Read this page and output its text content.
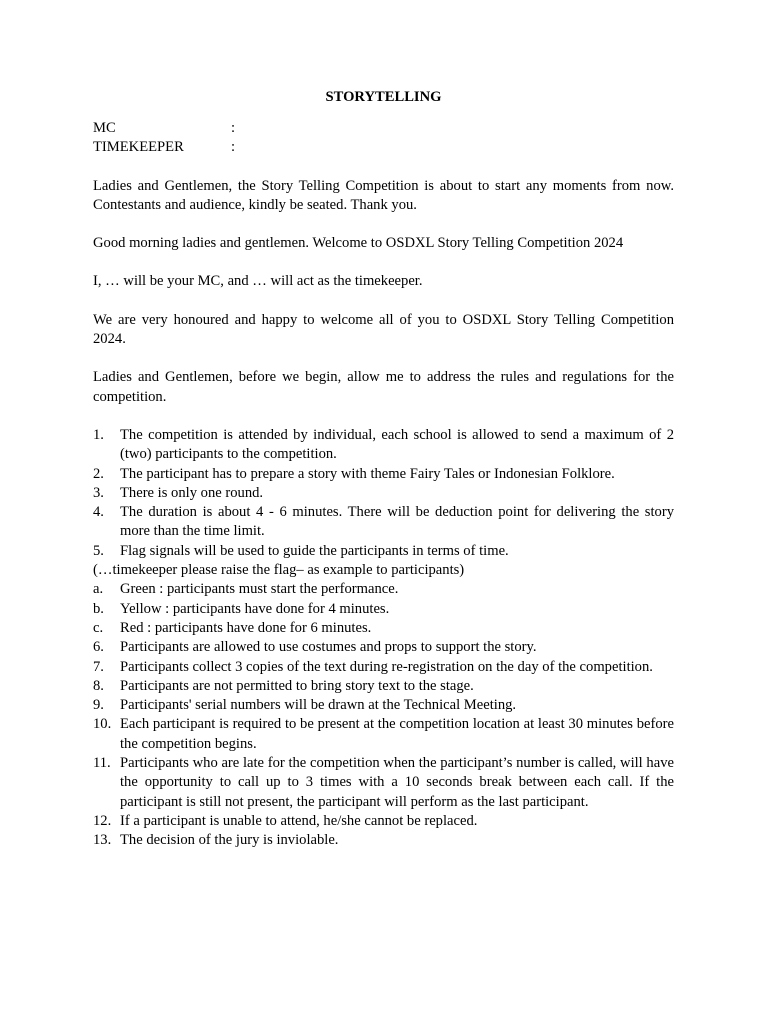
STORYTELLING
MC	:
TIMEKEEPER	:

Ladies and Gentlemen, the Story Telling Competition is about to start any moments from now. Contestants and audience, kindly be seated. Thank you.

Good morning ladies and gentlemen. Welcome to OSDXL Story Telling Competition 2024

I, … will be your MC, and … will act as the timekeeper.

We are very honoured and happy to welcome all of you to OSDXL Story Telling Competition 2024.

Ladies and Gentlemen, before we begin, allow me to address the rules and regulations for the competition.

1.	The competition is attended by individual, each school is allowed to send a maximum of 2 (two) participants to the competition.
2.	The participant has to prepare a story with theme Fairy Tales or Indonesian Folklore.
3.	There is only one round.
4.	The duration is about 4 - 6 minutes. There will be deduction point for delivering the story more than the time limit.
5.	Flag signals will be used to guide the participants in terms of time.
(…timekeeper please raise the flag– as example to participants)
a.	Green : participants must start the performance.
b.	Yellow : participants have done for 4 minutes.
c.	Red : participants have done for 6 minutes.
6.	Participants are allowed to use costumes and props to support the story.
7.	Participants collect 3 copies of the text during re-registration on the day of the competition.
8.	Participants are not permitted to bring story text to the stage.
9.	Participants' serial numbers will be drawn at the Technical Meeting.
10. Each participant is required to be present at the competition location at least 30 minutes before the competition begins.
11. Participants who are late for the competition when the participant’s number is called, will have the opportunity to call up to 3 times with a 10 seconds break between each call. If the participant is still not present, the participant will perform as the last participant.
12. If a participant is unable to attend, he/she cannot be replaced.
13. The decision of the jury is inviolable.
